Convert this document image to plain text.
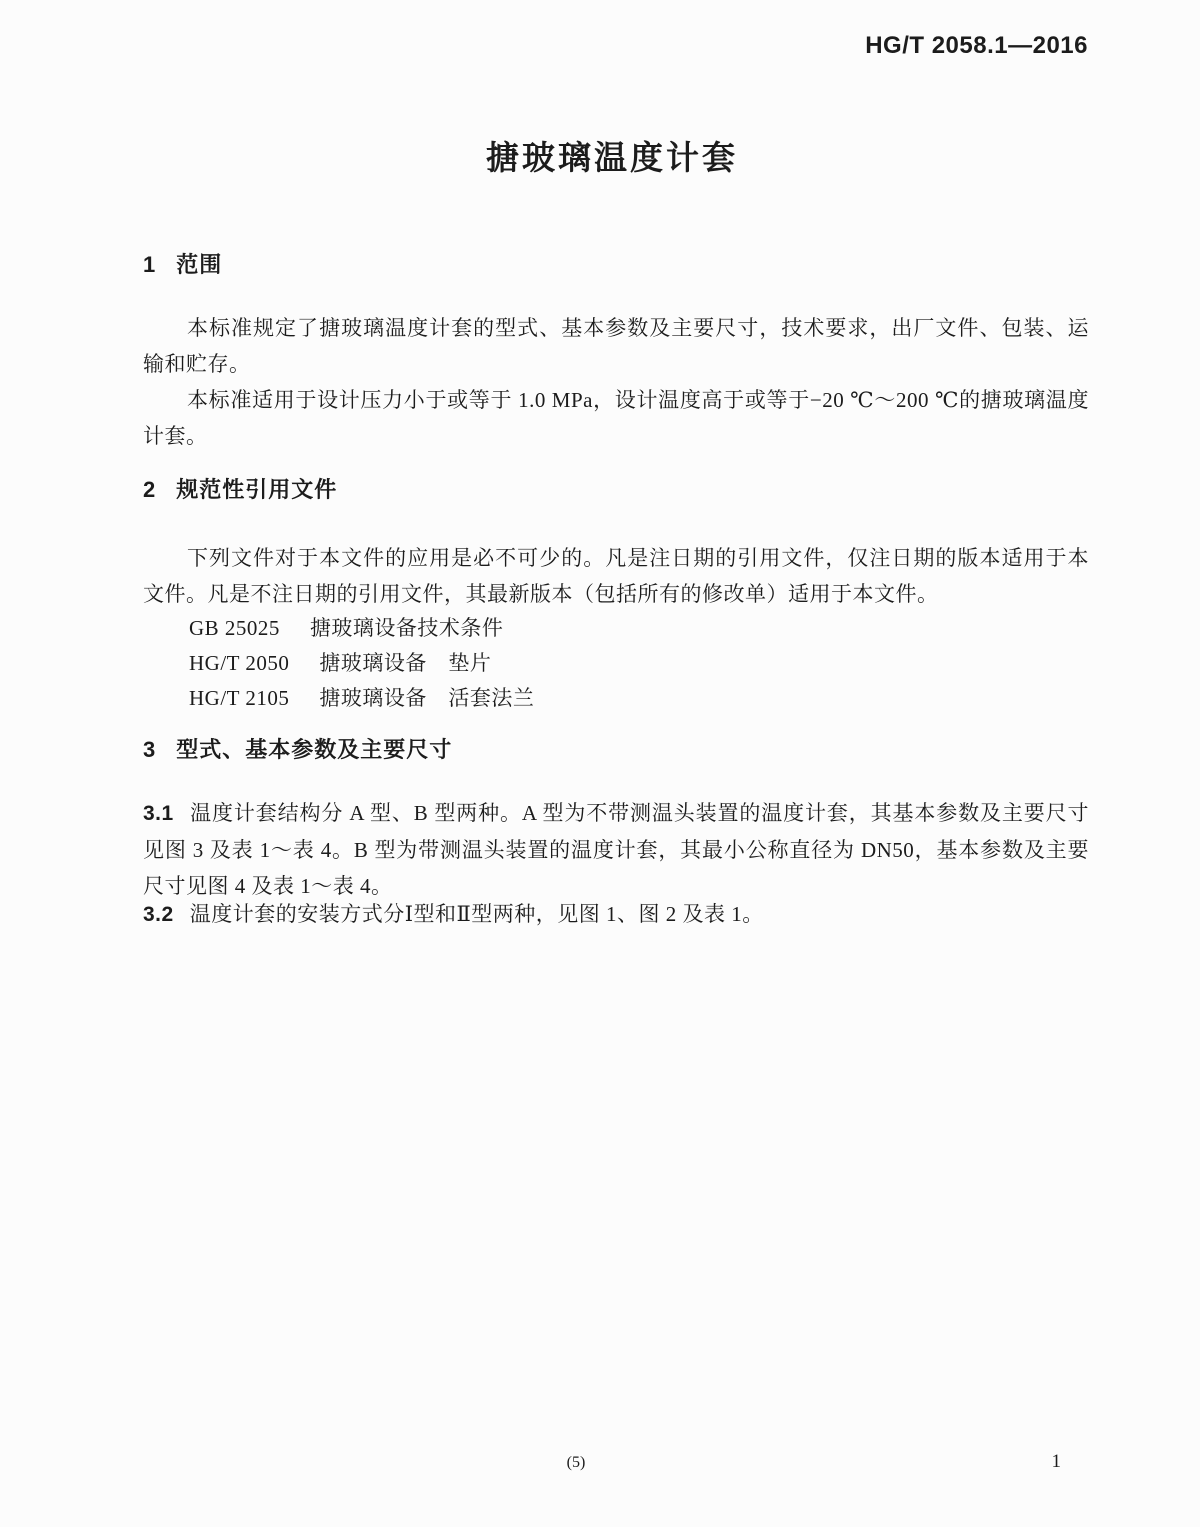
HG/T 2058.1—2016
搪玻璃温度计套
1 范围

本标准规定了搪玻璃温度计套的型式、基本参数及主要尺寸，技术要求，出厂文件、包装、运输和贮存。

本标准适用于设计压力小于或等于 1.0 MPa，设计温度高于或等于−20 ℃～200 ℃的搪玻璃温度计套。

2 规范性引用文件

下列文件对于本文件的应用是必不可少的。凡是注日期的引用文件，仅注日期的版本适用于本文件。凡是不注日期的引用文件，其最新版本（包括所有的修改单）适用于本文件。

GB 25025 搪玻璃设备技术条件
HG/T 2050 搪玻璃设备　垫片
HG/T 2105 搪玻璃设备　活套法兰
3 型式、基本参数及主要尺寸

3.1 温度计套结构分 A 型、B 型两种。A 型为不带测温头装置的温度计套，其基本参数及主要尺寸见图 3 及表 1～表 4。B 型为带测温头装置的温度计套，其最小公称直径为 DN50，基本参数及主要尺寸见图 4 及表 1～表 4。

3.2 温度计套的安装方式分Ⅰ型和Ⅱ型两种，见图 1、图 2 及表 1。

(5)	1
